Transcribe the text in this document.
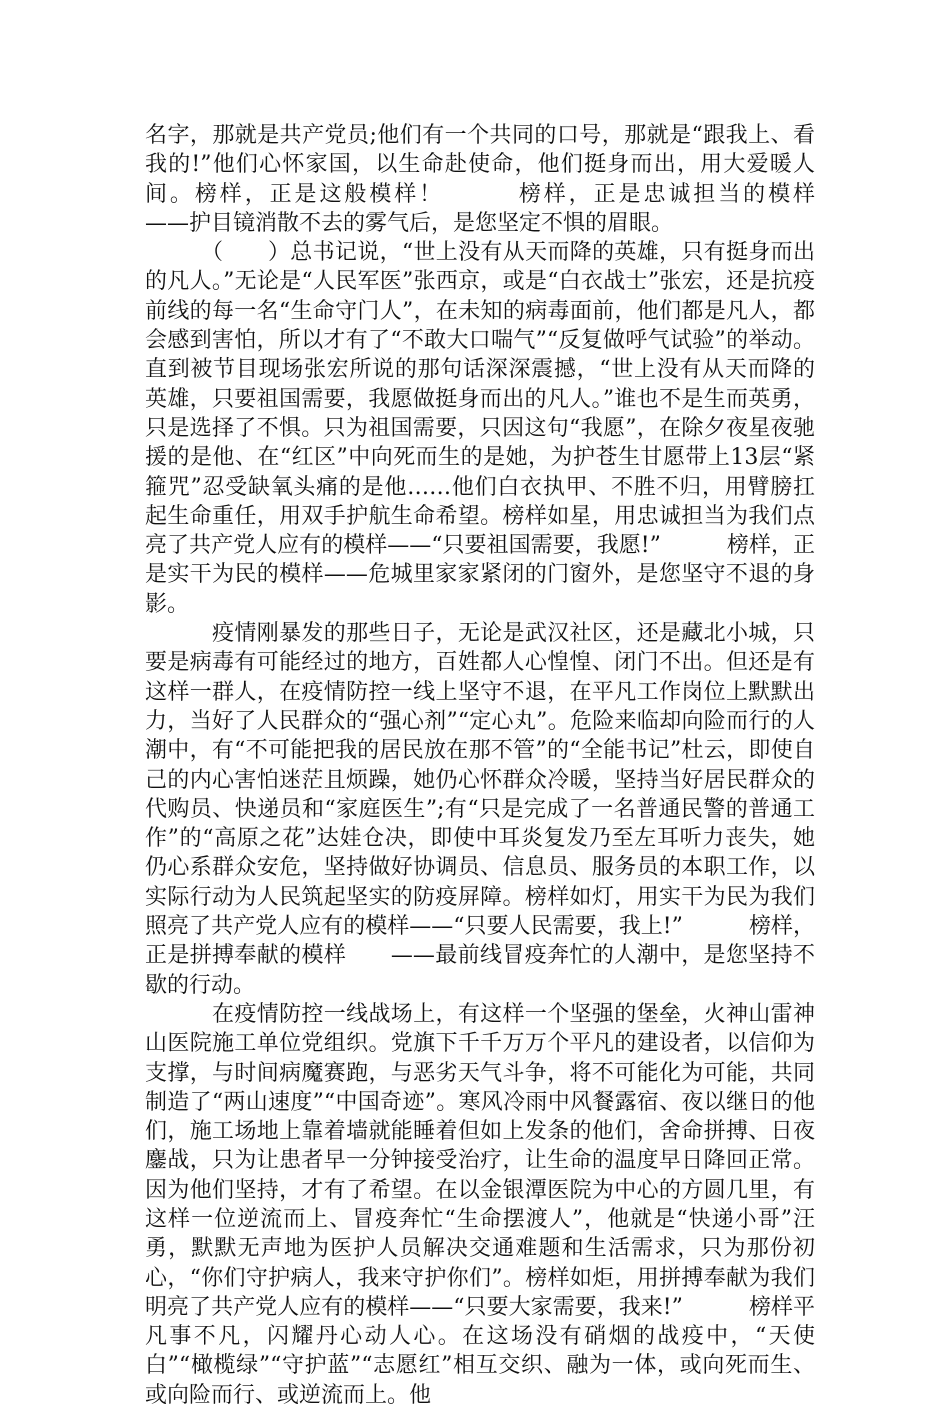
名字，那就是共产党员;他们有一个共同的口号，那就是“跟我上、看我的!”他们心怀家国，以生命赴使命，他们挺身而出，用大爱暖人间。榜样，正是这般模样！　　　榜样，正是忠诚担当的模样　　——护目镜消散不去的雾气后，是您坚定不惧的眉眼。

　　　（　　）总书记说，“世上没有从天而降的英雄，只有挺身而出的凡人。”无论是“人民军医”张西京，或是“白衣战士”张宏，还是抗疫前线的每一名“生命守门人”，在未知的病毒面前，他们都是凡人，都会感到害怕，所以才有了“不敢大口喘气”“反复做呼气试验”的举动。直到被节目现场张宏所说的那句话深深震撼，“世上没有从天而降的英雄，只要祖国需要，我愿做挺身而出的凡人。”谁也不是生而英勇，只是选择了不惧。只为祖国需要，只因这句“我愿”，在除夕夜星夜驰援的是他、在“红区”中向死而生的是她，为护苍生甘愿带上13层“紧箍咒”忍受缺氧头痛的是他……他们白衣执甲、不胜不归，用臂膀扛起生命重任，用双手护航生命希望。榜样如星，用忠诚担当为我们点亮了共产党人应有的模样——“只要祖国需要，我愿!”　　　榜样，正是实干为民的模样——危城里家家紧闭的门窗外，是您坚守不退的身影。

　　　疫情刚暴发的那些日子，无论是武汉社区，还是藏北小城，只要是病毒有可能经过的地方，百姓都人心惶惶、闭门不出。但还是有这样一群人，在疫情防控一线上坚守不退，在平凡工作岗位上默默出力，当好了人民群众的“强心剂”“定心丸”。危险来临却向险而行的人潮中，有“不可能把我的居民放在那不管”的“全能书记”杜云，即使自己的内心害怕迷茫且烦躁，她仍心怀群众冷暖，坚持当好居民群众的代购员、快递员和“家庭医生”;有“只是完成了一名普通民警的普通工作”的“高原之花”达娃仓决，即使中耳炎复发乃至左耳听力丧失，她仍心系群众安危，坚持做好协调员、信息员、服务员的本职工作，以实际行动为人民筑起坚实的防疫屏障。榜样如灯，用实干为民为我们照亮了共产党人应有的模样——“只要人民需要，我上!”　　　榜样，正是拼搏奉献的模样　　——最前线冒疫奔忙的人潮中，是您坚持不歇的行动。

　　　在疫情防控一线战场上，有这样一个坚强的堡垒，火神山雷神山医院施工单位党组织。党旗下千千万万个平凡的建设者，以信仰为支撑，与时间病魔赛跑，与恶劣天气斗争，将不可能化为可能，共同制造了“两山速度”“中国奇迹”。寒风冷雨中风餐露宿、夜以继日的他们，施工场地上靠着墙就能睡着但如上发条的他们，舍命拼搏、日夜鏖战，只为让患者早一分钟接受治疗，让生命的温度早日降回正常。因为他们坚持，才有了希望。在以金银潭医院为中心的方圆几里，有这样一位逆流而上、冒疫奔忙“生命摆渡人”，他就是“快递小哥”汪勇，默默无声地为医护人员解决交通难题和生活需求，只为那份初心，“你们守护病人，我来守护你们”。榜样如炬，用拼搏奉献为我们明亮了共产党人应有的模样——“只要大家需要，我来!”　　　榜样平凡事不凡，闪耀丹心动人心。在这场没有硝烟的战疫中，“天使白”“橄榄绿”“守护蓝”“志愿红”相互交织、融为一体，或向死而生、或向险而行、或逆流而上。他
